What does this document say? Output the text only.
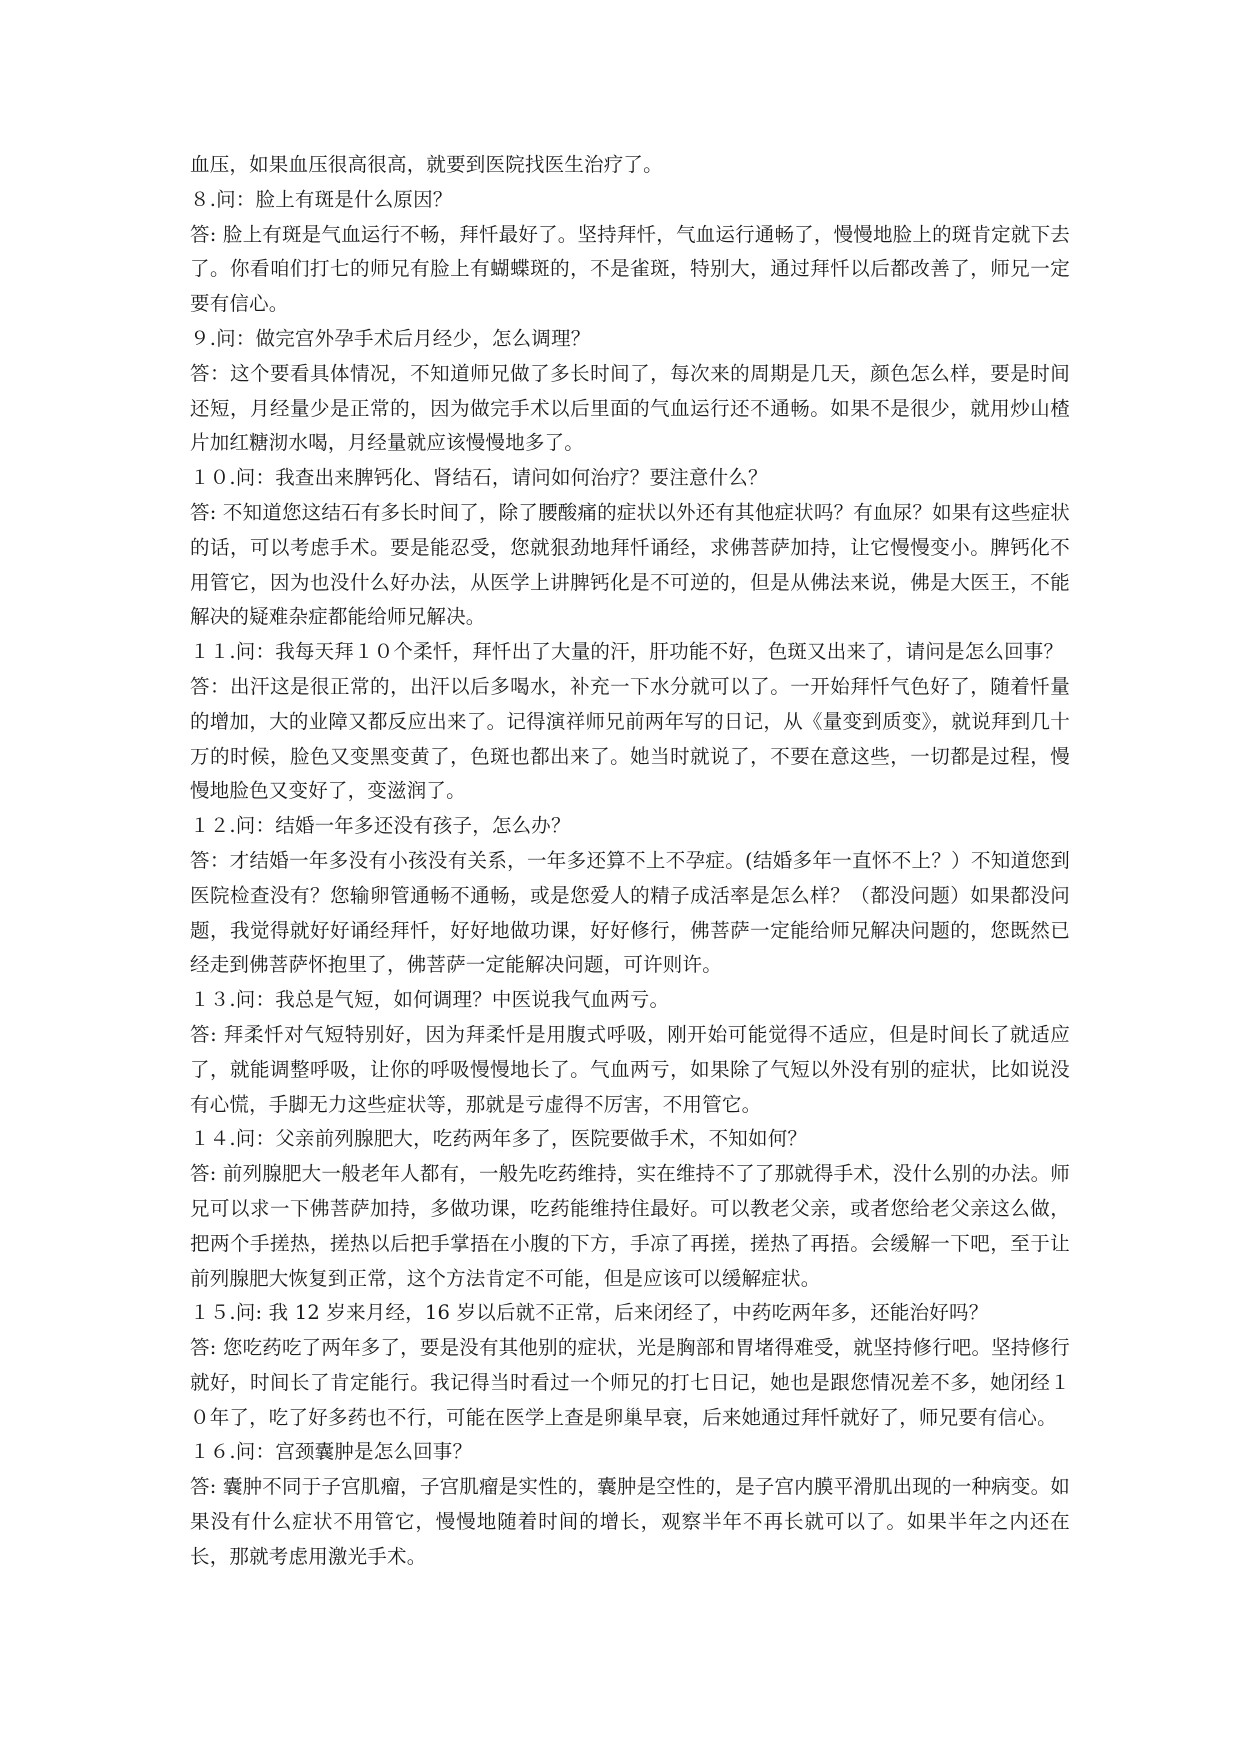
血压，如果血压很高很高，就要到医院找医生治疗了。

８.问：脸上有斑是什么原因？

答: 脸上有斑是气血运行不畅，拜忏最好了。坚持拜忏，气血运行通畅了，慢慢地脸上的斑肯定就下去了。你看咱们打七的师兄有脸上有蝴蝶斑的，不是雀斑，特别大，通过拜忏以后都改善了，师兄一定要有信心。

９.问：做完宫外孕手术后月经少，怎么调理？

答：这个要看具体情况，不知道师兄做了多长时间了，每次来的周期是几天，颜色怎么样，要是时间还短，月经量少是正常的，因为做完手术以后里面的气血运行还不通畅。如果不是很少，就用炒山楂片加红糖沏水喝，月经量就应该慢慢地多了。

１０.问：我查出来脾钙化、肾结石，请问如何治疗？要注意什么？

答: 不知道您这结石有多长时间了，除了腰酸痛的症状以外还有其他症状吗？有血尿？如果有这些症状的话，可以考虑手术。要是能忍受，您就狠劲地拜忏诵经，求佛菩萨加持，让它慢慢变小。脾钙化不用管它，因为也没什么好办法，从医学上讲脾钙化是不可逆的，但是从佛法来说，佛是大医王，不能解决的疑难杂症都能给师兄解决。

１１.问：我每天拜１０个柔忏，拜忏出了大量的汗，肝功能不好，色斑又出来了，请问是怎么回事？

答：出汗这是很正常的，出汗以后多喝水，补充一下水分就可以了。一开始拜忏气色好了，随着忏量的增加，大的业障又都反应出来了。记得演祥师兄前两年写的日记，从《量变到质变》，就说拜到几十万的时候，脸色又变黑变黄了，色斑也都出来了。她当时就说了，不要在意这些，一切都是过程，慢慢地脸色又变好了，变滋润了。

１２.问：结婚一年多还没有孩子，怎么办？

答：才结婚一年多没有小孩没有关系，一年多还算不上不孕症。(结婚多年一直怀不上？）不知道您到医院检查没有？您输卵管通畅不通畅，或是您爱人的精子成活率是怎么样？（都没问题）如果都没问题，我觉得就好好诵经拜忏，好好地做功课，好好修行，佛菩萨一定能给师兄解决问题的，您既然已经走到佛菩萨怀抱里了，佛菩萨一定能解决问题，可许则许。

１３.问：我总是气短，如何调理？中医说我气血两亏。

答: 拜柔忏对气短特别好，因为拜柔忏是用腹式呼吸，刚开始可能觉得不适应，但是时间长了就适应了，就能调整呼吸，让你的呼吸慢慢地长了。气血两亏，如果除了气短以外没有别的症状，比如说没有心慌，手脚无力这些症状等，那就是亏虚得不厉害，不用管它。

１４.问：父亲前列腺肥大，吃药两年多了，医院要做手术，不知如何？

答: 前列腺肥大一般老年人都有，一般先吃药维持，实在维持不了了那就得手术，没什么别的办法。师兄可以求一下佛菩萨加持，多做功课，吃药能维持住最好。可以教老父亲，或者您给老父亲这么做，把两个手搓热，搓热以后把手掌捂在小腹的下方，手凉了再搓，搓热了再捂。会缓解一下吧，至于让前列腺肥大恢复到正常，这个方法肯定不可能，但是应该可以缓解症状。

１５.问: 我 12 岁来月经，16 岁以后就不正常，后来闭经了，中药吃两年多，还能治好吗？

答: 您吃药吃了两年多了，要是没有其他别的症状，光是胸部和胃堵得难受，就坚持修行吧。坚持修行就好，时间长了肯定能行。我记得当时看过一个师兄的打七日记，她也是跟您情况差不多，她闭经１０年了，吃了好多药也不行，可能在医学上查是卵巢早衰，后来她通过拜忏就好了，师兄要有信心。

１６.问：宫颈囊肿是怎么回事？

答: 囊肿不同于子宫肌瘤，子宫肌瘤是实性的，囊肿是空性的，是子宫内膜平滑肌出现的一种病变。如果没有什么症状不用管它，慢慢地随着时间的增长，观察半年不再长就可以了。如果半年之内还在长，那就考虑用激光手术。
